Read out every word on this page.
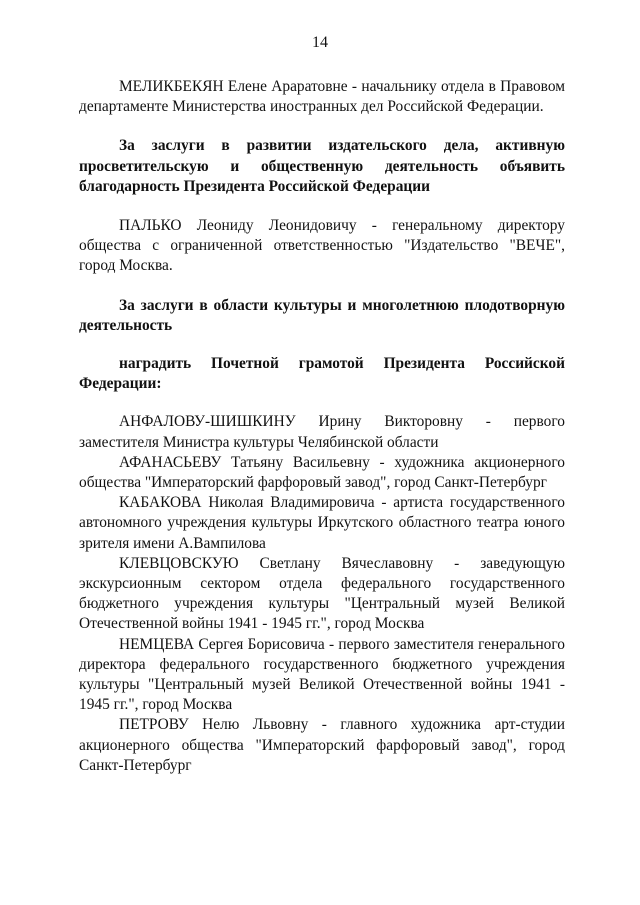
14

МЕЛИКБЕКЯН Елене Араратовне - начальнику отдела в Правовом департаменте Министерства иностранных дел Российской Федерации.

За заслуги в развитии издательского дела, активную просветительскую и общественную деятельность объявить благодарность Президента Российской Федерации

ПАЛЬКО Леониду Леонидовичу - генеральному директору общества с ограниченной ответственностью "Издательство "ВЕЧЕ", город Москва.

За заслуги в области культуры и многолетнюю плодотворную деятельность

наградить Почетной грамотой Президента Российской Федерации:

АНФАЛОВУ-ШИШКИНУ Ирину Викторовну - первого заместителя Министра культуры Челябинской области

АФАНАСЬЕВУ Татьяну Васильевну - художника акционерного общества "Императорский фарфоровый завод", город Санкт-Петербург

КАБАКОВА Николая Владимировича - артиста государственного автономного учреждения культуры Иркутского областного театра юного зрителя имени А.Вампилова

КЛЕВЦОВСКУЮ Светлану Вячеславовну - заведующую экскурсионным сектором отдела федерального государственного бюджетного учреждения культуры "Центральный музей Великой Отечественной войны 1941 - 1945 гг.", город Москва

НЕМЦЕВА Сергея Борисовича - первого заместителя генерального директора федерального государственного бюджетного учреждения культуры "Центральный музей Великой Отечественной войны 1941 - 1945 гг.", город Москва

ПЕТРОВУ Нелю Львовну - главного художника арт-студии акционерного общества "Императорский фарфоровый завод", город Санкт-Петербург
